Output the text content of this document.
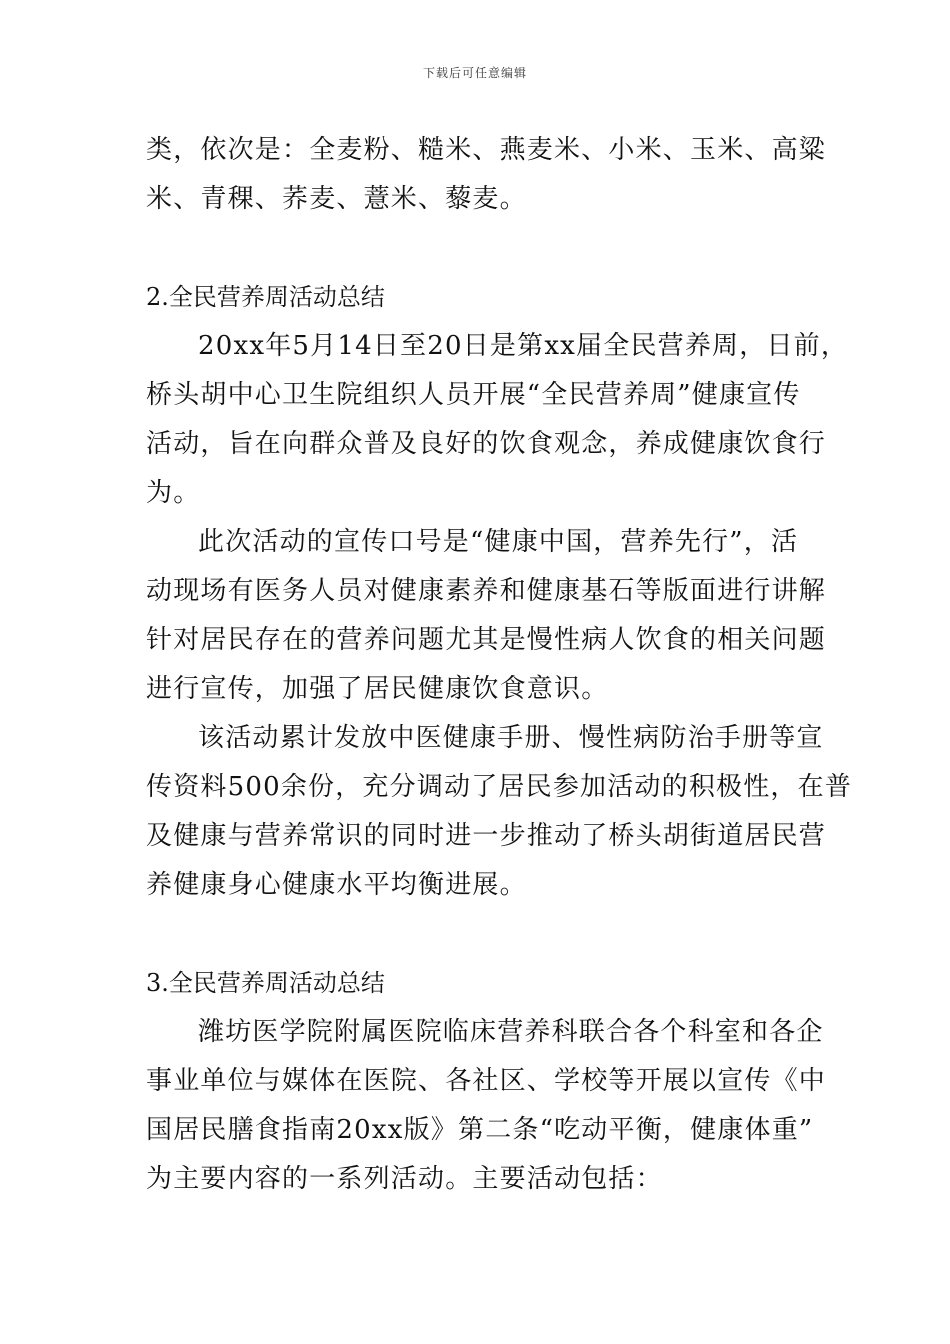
下载后可任意编辑
类，依次是：全麦粉、糙米、燕麦米、小米、玉米、高粱
米、青稞、荞麦、薏米、藜麦。
2.全民营养周活动总结
20xx年5月14日至20日是第xx届全民营养周，日前，
桥头胡中心卫生院组织人员开展“全民营养周”健康宣传
活动，旨在向群众普及良好的饮食观念，养成健康饮食行
为。
此次活动的宣传口号是“健康中国，营养先行”，活
动现场有医务人员对健康素养和健康基石等版面进行讲解
针对居民存在的营养问题尤其是慢性病人饮食的相关问题
进行宣传，加强了居民健康饮食意识。
该活动累计发放中医健康手册、慢性病防治手册等宣
传资料500余份，充分调动了居民参加活动的积极性，在普
及健康与营养常识的同时进一步推动了桥头胡街道居民营
养健康身心健康水平均衡进展。
3.全民营养周活动总结
潍坊医学院附属医院临床营养科联合各个科室和各企
事业单位与媒体在医院、各社区、学校等开展以宣传《中
国居民膳食指南20xx版》第二条“吃动平衡，健康体重”
为主要内容的一系列活动。主要活动包括：
